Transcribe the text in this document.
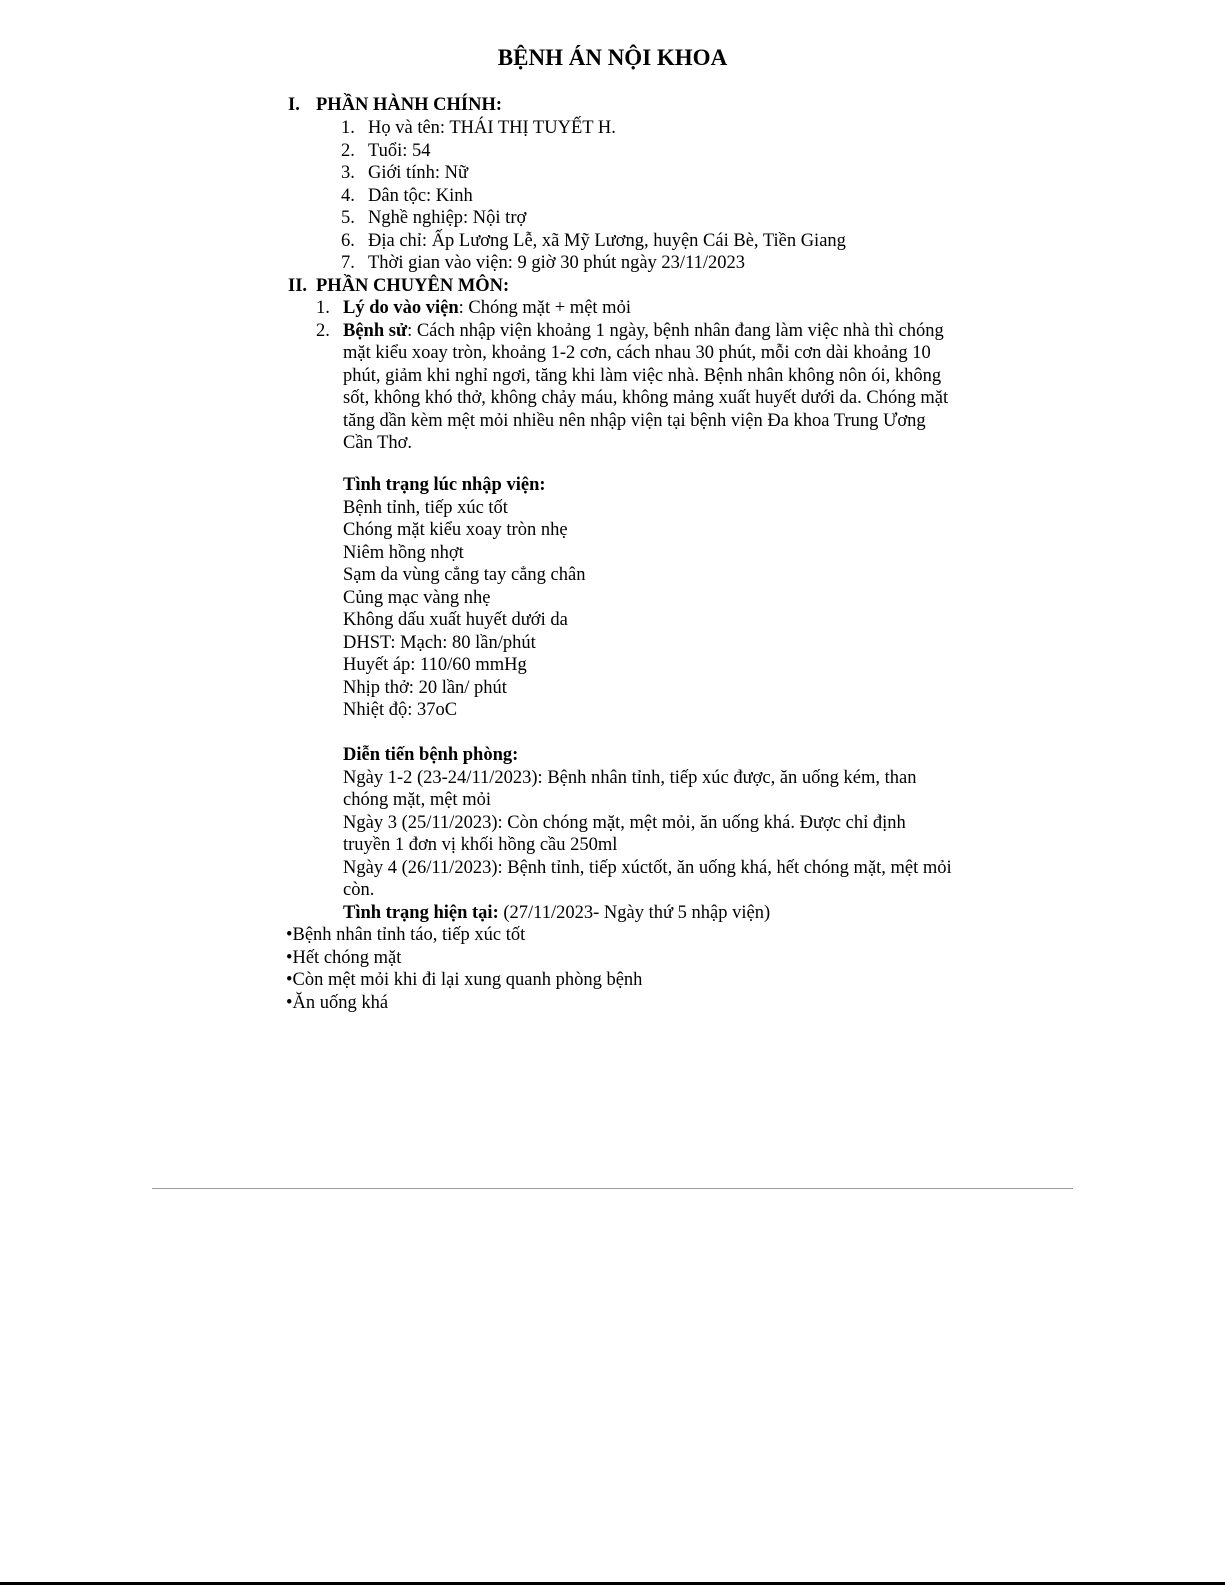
BỆNH ÁN NỘI KHOA
I. PHẦN HÀNH CHÍNH:
1. Họ và tên: THÁI THỊ TUYẾT H.
2. Tuổi: 54
3. Giới tính: Nữ
4. Dân tộc: Kinh
5. Nghề nghiệp: Nội trợ
6. Địa chỉ: Ấp Lương Lễ, xã Mỹ Lương, huyện Cái Bè, Tiền Giang
7. Thời gian vào viện: 9 giờ 30 phút ngày 23/11/2023
II. PHẦN CHUYÊN MÔN:
1. Lý do vào viện: Chóng mặt + mệt mỏi
2. Bệnh sử: Cách nhập viện khoảng 1 ngày, bệnh nhân đang làm việc nhà thì chóng mặt kiểu xoay tròn, khoảng 1-2 cơn, cách nhau 30 phút, mỗi cơn dài khoảng 10 phút, giảm khi nghỉ ngơi, tăng khi làm việc nhà. Bệnh nhân không nôn ói, không sốt, không khó thở, không chảy máu, không mảng xuất huyết dưới da. Chóng mặt tăng dần kèm mệt mỏi nhiều nên nhập viện tại bệnh viện Đa khoa Trung Ương Cần Thơ.
Tình trạng lúc nhập viện:
Bệnh tỉnh, tiếp xúc tốt
Chóng mặt kiểu xoay tròn nhẹ
Niêm hồng nhợt
Sạm da vùng cẳng tay cẳng chân
Củng mạc vàng nhẹ
Không dấu xuất huyết dưới da
DHST: Mạch: 80 lần/phút
Huyết áp: 110/60 mmHg
Nhịp thở: 20 lần/ phút
Nhiệt độ: 37oC
Diễn tiến bệnh phòng:
Ngày 1-2 (23-24/11/2023): Bệnh nhân tỉnh, tiếp xúc được, ăn uống kém, than chóng mặt, mệt mỏi
Ngày 3 (25/11/2023): Còn chóng mặt, mệt mỏi, ăn uống khá. Được chỉ định truyền 1 đơn vị khối hồng cầu 250ml
Ngày 4 (26/11/2023): Bệnh tỉnh, tiếp xúctốt, ăn uống khá, hết chóng mặt, mệt mỏi còn.
Tình trạng hiện tại: (27/11/2023- Ngày thứ 5 nhập viện)
•Bệnh nhân tỉnh táo, tiếp xúc tốt
•Hết chóng mặt
•Còn mệt mỏi khi đi lại xung quanh phòng bệnh
•Ăn uống khá
